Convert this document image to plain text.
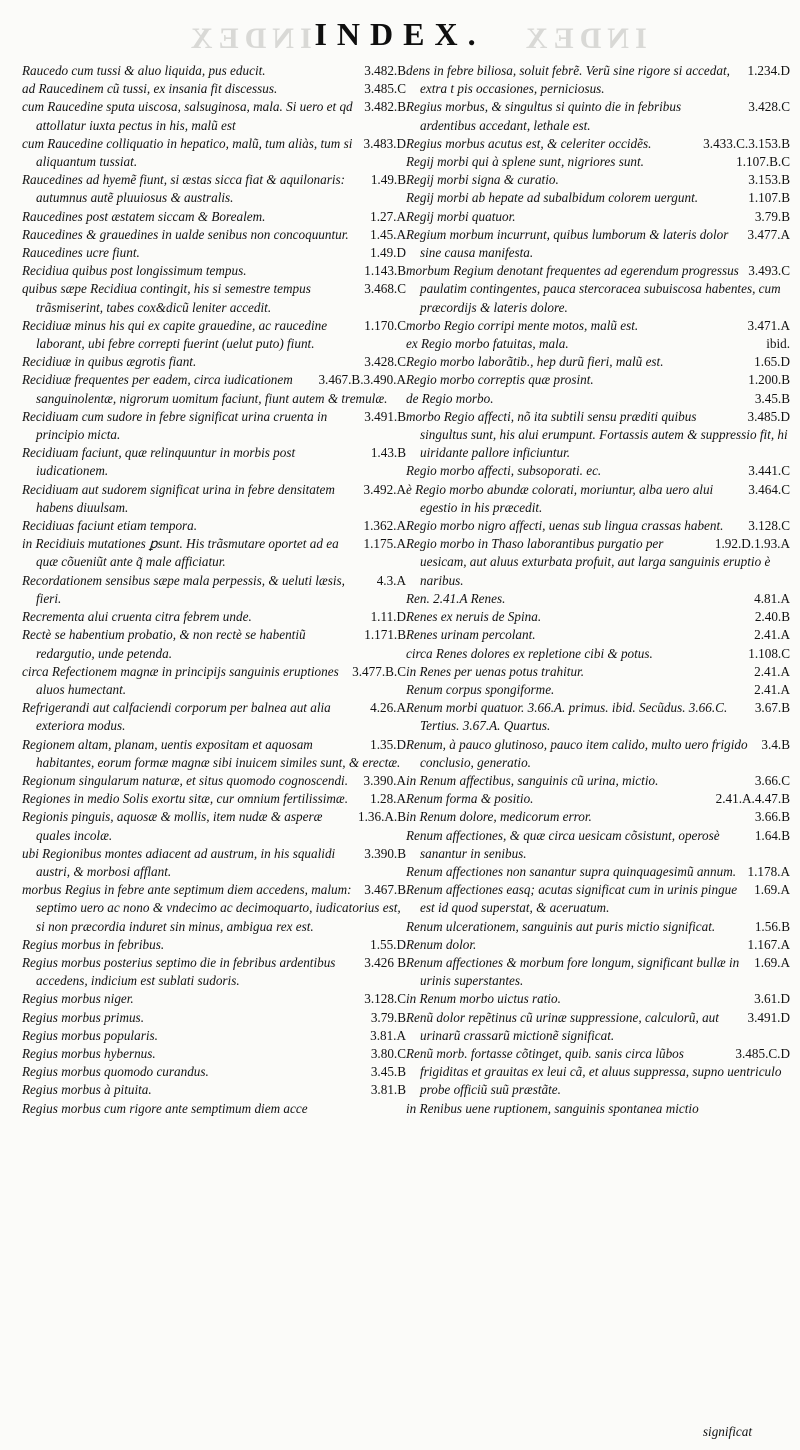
INDEX	INDEX
INDEX.

3.482.B
Raucedo cum tussi & aluo liquida, pus educit.

3.485.C
ad Raucedinem cũ tussi, ex insania fit discessus.

3.482.B
cum Raucedine sputa uiscosa, salsuginosa, mala. Si uero et qd attollatur iuxta pectus in his, malũ est

3.483.D
cum Raucedine colliquatio in hepatico, malũ, tum aliàs, tum si aliquantum tussiat.

1.49.B
Raucedines ad hyemẽ fiunt, si æstas sicca fiat & aquilonaris: autumnus autẽ pluuiosus & australis.

1.27.A
Raucedines post æstatem siccam & Borealem.

1.45.A
Raucedines & grauedines in ualde senibus non concoquuntur.

1.49.D
Raucedines ucre fiunt.

1.143.B
Recidiua quibus post longissimum tempus.

3.468.C
quibus sæpe Recidiua contingit, his si semestre tempus trãsmiserint, tabes cox&dicũ leniter accedit.

1.170.C
Recidiuæ minus his qui ex capite grauedine, ac raucedine laborant, ubi febre correpti fuerint (uelut puto) fiunt.

3.428.C
Recidiuæ in quibus ægrotis fiant.

3.467.B.3.490.A
Recidiuæ frequentes per eadem, circa iudicationem sanguinolentæ, nigrorum uomitum faciunt, fiunt autem & tremulæ.

3.491.B
Recidiuam cum sudore in febre significat urina cruenta in principio micta.

1.43.B
Recidiuam faciunt, quæ relinquuntur in morbis post iudicationem.

3.492.A
Recidiuam aut sudorem significat urina in febre densitatem habens diuulsam.

1.362.A
Recidiuas faciunt etiam tempora.

1.175.A
in Recidiuis mutationes ꝑsunt. His trãsmutare oportet ad ea quæ cõueniũt ante q̃ male afficiatur.

4.3.A
Recordationem sensibus sæpe mala perpessis, & ueluti læsis, fieri.

1.11.D
Recrementa alui cruenta citra febrem unde.

1.171.B
Rectè se habentium probatio, & non rectè se habentiũ redargutio, unde petenda.

3.477.B.C
circa Refectionem magnæ in principijs sanguinis eruptiones aluos humectant.

4.26.A
Refrigerandi aut calfaciendi corporum per balnea aut alia exteriora modus.

1.35.D
Regionem altam, planam, uentis expositam et aquosam habitantes, eorum formæ magnæ sibi inuicem similes sunt, & erectæ.

3.390.A
Regionum singularum naturæ, et situs quomodo cognoscendi.

1.28.A
Regiones in medio Solis exortu sitæ, cur omnium fertilissimæ.

1.36.A.B
Regionis pinguis, aquosæ & mollis, item nudæ & asperæ quales incolæ.

3.390.B
ubi Regionibus montes adiacent ad austrum, in his squalidi austri, & morbosi afflant.

3.467.B
morbus Regius in febre ante septimum diem accedens, malum: septimo uero ac nono & vndecimo ac decimoquarto, iudicatorius est, si non præcordia induret sin minus, ambigua rex est.

1.55.D
Regius morbus in febribus.

3.426 B
Regius morbus posterius septimo die in febribus ardentibus accedens, indicium est sublati sudoris.

3.128.C
Regius morbus niger.

3.79.B
Regius morbus primus.

3.81.A
Regius morbus popularis.

3.80.C
Regius morbus hybernus.

3.45.B
Regius morbus quomodo curandus.

3.81.B
Regius morbus à pituita.

Regius morbus cum rigore ante semptimum diem acce

1.234.D
dens in febre biliosa, soluit febrẽ. Verũ sine rigore si accedat, extra t pis occasiones, perniciosus.

3.428.C
Regius morbus, & singultus si quinto die in febribus ardentibus accedant, lethale est.

3.433.C.3.153.B
Regius morbus acutus est, & celeriter occidẽs.

1.107.B.C
Regij morbi qui à splene sunt, nigriores sunt.

3.153.B
Regij morbi signa & curatio.

1.107.B
Regij morbi ab hepate ad subalbidum colorem uergunt.

3.79.B
Regij morbi quatuor.

3.477.A
Regium morbum incurrunt, quibus lumborum & lateris dolor sine causa manifesta.

3.493.C
morbum Regium denotant frequentes ad egerendum progressus paulatim contingentes, pauca stercoracea subuiscosa habentes, cum præcordijs & lateris dolore.

3.471.A
morbo Regio corripi mente motos, malũ est.

ibid.
ex Regio morbo fatuitas, mala.

1.65.D
Regio morbo laborãtib., hep durũ fieri, malũ est.

1.200.B
Regio morbo correptis quæ prosint.

3.45.B
de Regio morbo.

3.485.D
morbo Regio affecti, nõ ita subtili sensu præditi quibus singultus sunt, his alui erumpunt. Fortassis autem & suppressio fit, hi uiridante pallore inficiuntur.

3.441.C
Regio morbo affecti, subsoporati. ec.

3.464.C
è Regio morbo abundæ colorati, moriuntur, alba uero alui egestio in his præcedit.

3.128.C
Regio morbo nigro affecti, uenas sub lingua crassas habent.

1.92.D.1.93.A
Regio morbo in Thaso laborantibus purgatio per uesicam, aut aluus exturbata profuit, aut larga sanguinis eruptio è naribus.

4.81.A
Ren. 2.41.A Renes.

2.40.B
Renes ex neruis de Spina.

2.41.A
Renes urinam percolant.

1.108.C
circa Renes dolores ex repletione cibi & potus.

2.41.A
in Renes per uenas potus trahitur.

2.41.A
Renum corpus spongiforme.

3.67.B
Renum morbi quatuor. 3.66.A. primus. ibid. Secũdus. 3.66.C. Tertius. 3.67.A. Quartus.

3.4.B
Renum, à pauco glutinoso, pauco item calido, multo uero frigido conclusio, generatio.

3.66.C
in Renum affectibus, sanguinis cũ urina, mictio.

2.41.A.4.47.B
Renum forma & positio.

3.66.B
in Renum dolore, medicorum error.

1.64.B
Renum affectiones, & quæ circa uesicam cõsistunt, operosè sanantur in senibus.

1.178.A
Renum affectiones non sanantur supra quinquagesimũ annum.

1.69.A
Renum affectiones easq; acutas significat cum in urinis pingue est id quod superstat, & aceruatum.

1.56.B
Renum ulcerationem, sanguinis aut puris mictio significat.

1.167.A
Renum dolor.

1.69.A
Renum affectiones & morbum fore longum, significant bullæ in urinis superstantes.

3.61.D
in Renum morbo uictus ratio.

3.491.D
Renũ dolor repẽtinus cũ urinæ suppressione, calculorũ, aut urinarũ crassarũ mictionẽ significat.

3.485.C.D
Renũ morb. fortasse cõtinget, quib. sanis circa lũbos frigiditas et grauitas ex leui cã, et aluus suppressa, supno uentriculo probe officiũ suũ præstãte.

in Renibus uene ruptionem, sanguinis spontanea mictio

significat
